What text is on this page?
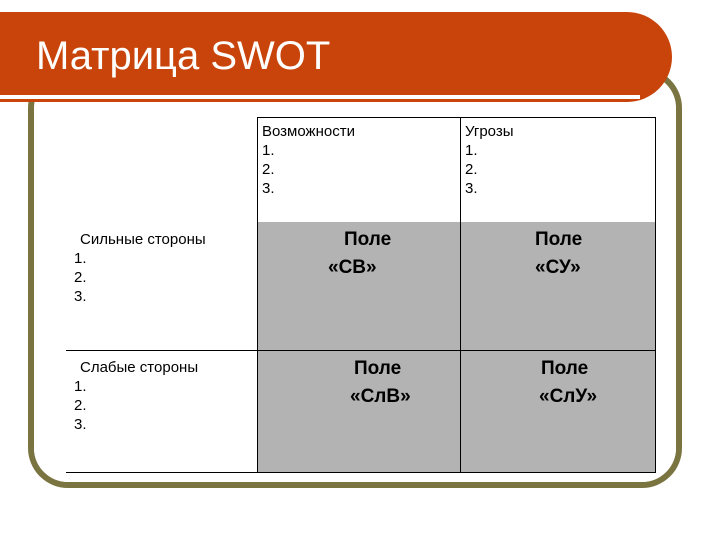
Матрица SWOT
Возможности
1.
2.
3.
Угрозы
1.
2.
3.
Сильные стороны
1.
2.
3.
Слабые стороны
1.
2.
3.
Поле
«СВ»
Поле
«СУ»
Поле
«СлВ»
Поле
«СлУ»
